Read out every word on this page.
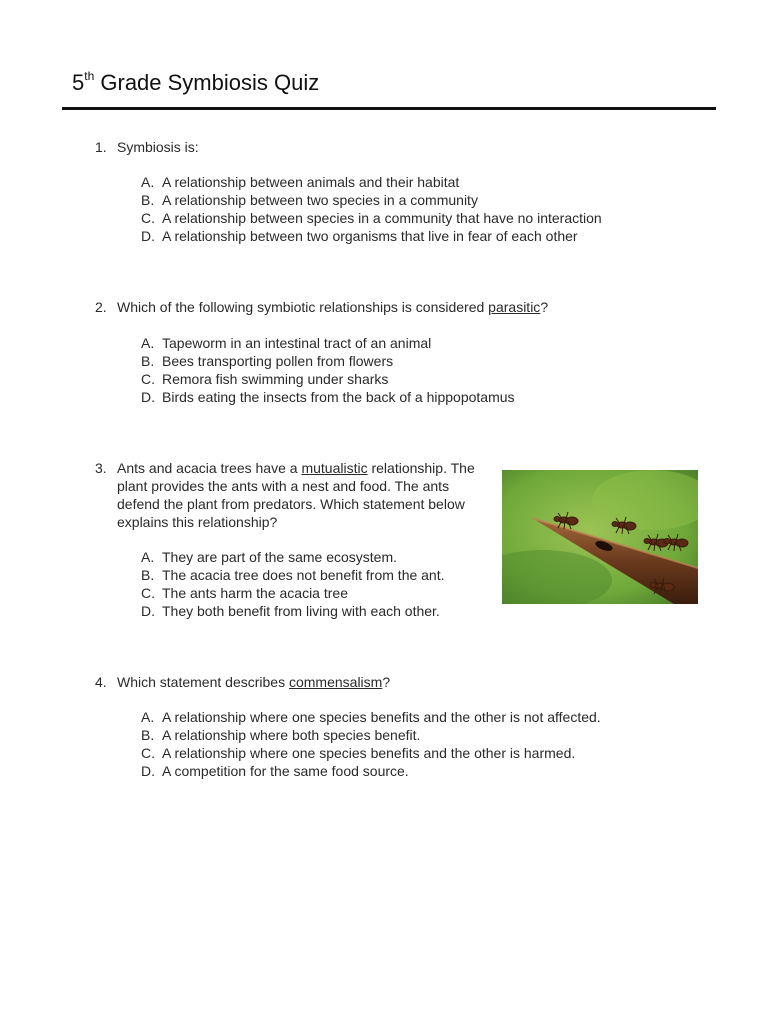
5th Grade Symbiosis Quiz
1. Symbiosis is:
A. A relationship between animals and their habitat
B. A relationship between two species in a community
C. A relationship between species in a community that have no interaction
D. A relationship between two organisms that live in fear of each other
2. Which of the following symbiotic relationships is considered parasitic?
A. Tapeworm in an intestinal tract of an animal
B. Bees transporting pollen from flowers
C. Remora fish swimming under sharks
D. Birds eating the insects from the back of a hippopotamus
3. Ants and acacia trees have a mutualistic relationship. The plant provides the ants with a nest and food. The ants defend the plant from predators. Which statement below explains this relationship?
A. They are part of the same ecosystem.
B. The acacia tree does not benefit from the ant.
C. The ants harm the acacia tree
D. They both benefit from living with each other.
4. Which statement describes commensalism?
A. A relationship where one species benefits and the other is not affected.
B. A relationship where both species benefit.
C. A relationship where one species benefits and the other is harmed.
D. A competition for the same food source.
